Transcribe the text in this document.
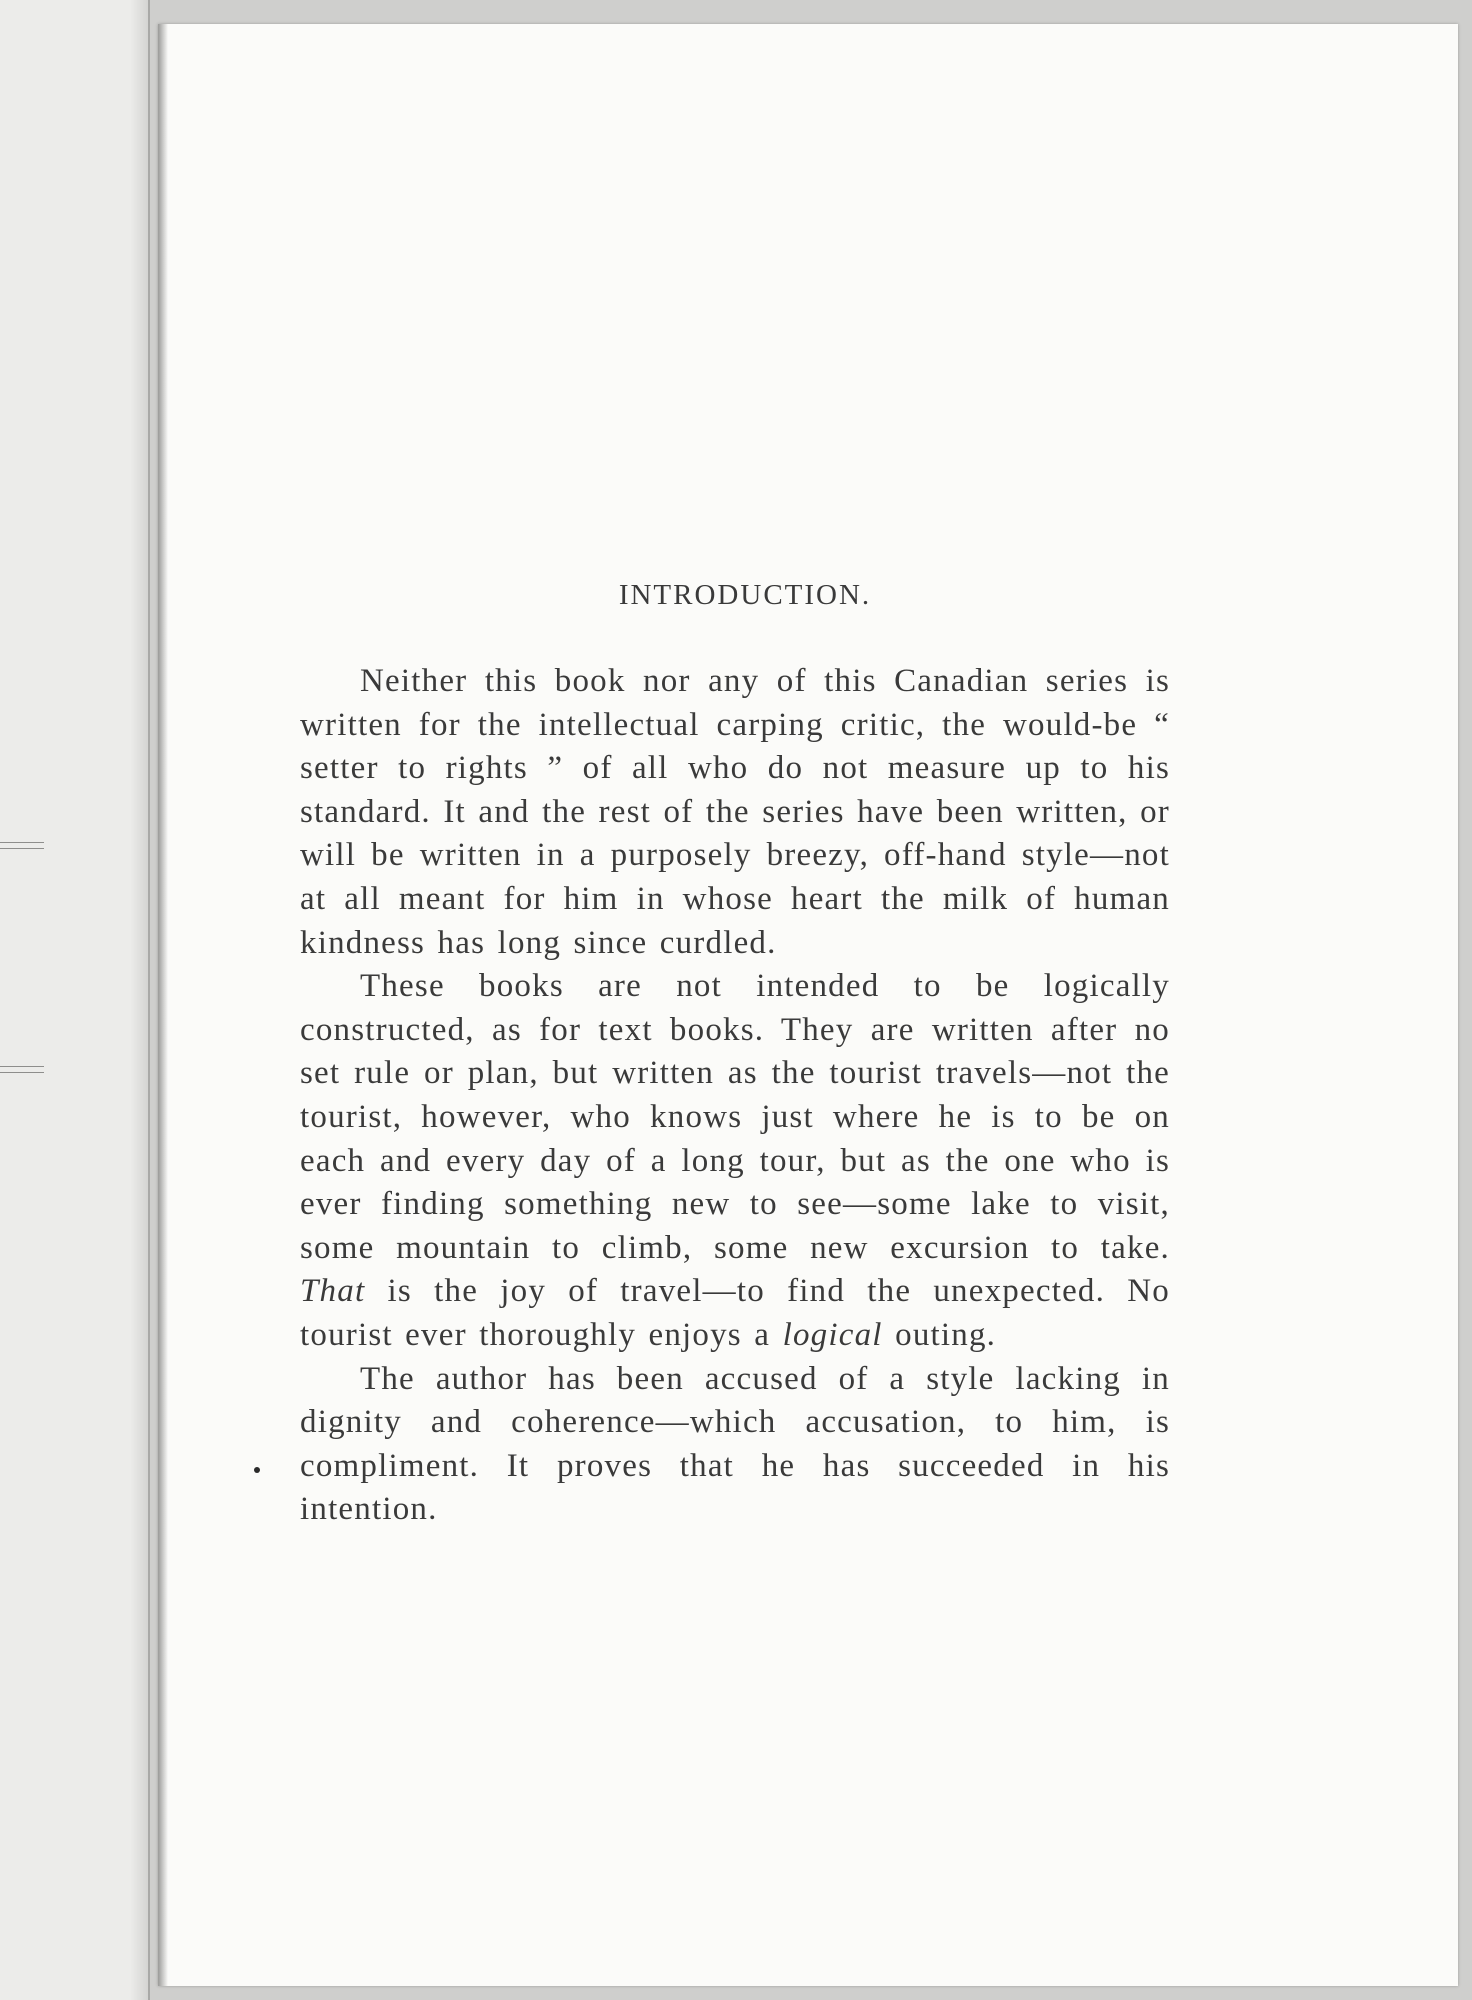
INTRODUCTION.

Neither this book nor any of this Canadian series is written for the intellectual carping critic, the would-be “ setter to rights ” of all who do not measure up to his standard. It and the rest of the series have been written, or will be written in a purposely breezy, off-hand style—not at all meant for him in whose heart the milk of human kindness has long since curdled.

These books are not intended to be logically constructed, as for text books. They are written after no set rule or plan, but written as the tourist travels—not the tourist, however, who knows just where he is to be on each and every day of a long tour, but as the one who is ever finding something new to see—some lake to visit, some mountain to climb, some new excursion to take. That is the joy of travel—to find the unexpected. No tourist ever thoroughly enjoys a logical outing.

The author has been accused of a style lacking in dignity and coherence—which accusation, to him, is compliment. It proves that he has succeeded in his intention.
